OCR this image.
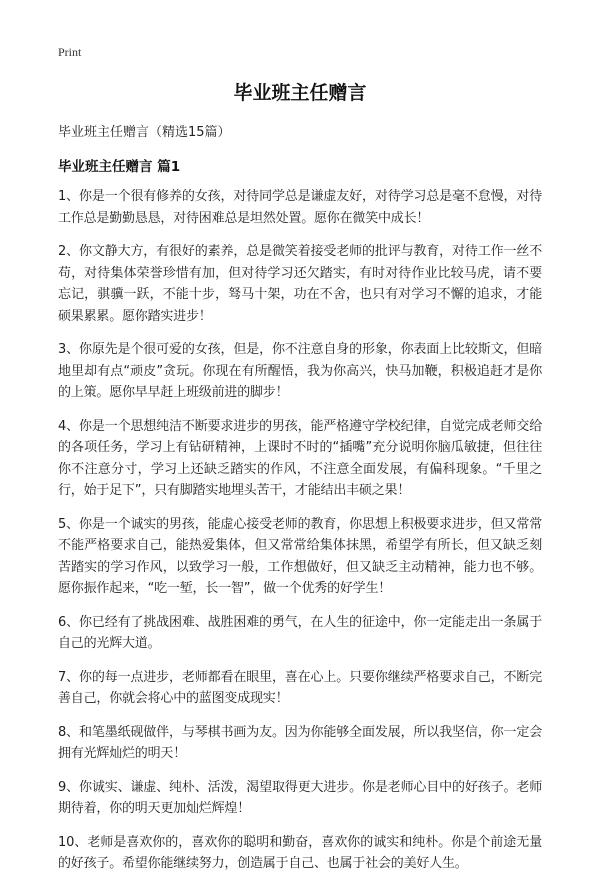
Print

毕业班主任赠言

毕业班主任赠言（精选15篇）

毕业班主任赠言 篇1

1、你是一个很有修养的女孩，对待同学总是谦虚友好，对待学习总是毫不怠慢，对待工作总是勤勤恳恳，对待困难总是坦然处置。愿你在微笑中成长！

2、你文静大方，有很好的素养，总是微笑着接受老师的批评与教育，对待工作一丝不苟，对待集体荣誉珍惜有加，但对待学习还欠踏实，有时对待作业比较马虎，请不要忘记，骐骥一跃，不能十步，驽马十架，功在不舍，也只有对学习不懈的追求，才能硕果累累。愿你踏实进步！

3、你原先是个很可爱的女孩，但是，你不注意自身的形象，你表面上比较斯文，但暗地里却有点“顽皮”贪玩。你现在有所醒悟，我为你高兴，快马加鞭，积极追赶才是你的上策。愿你早早赶上班级前进的脚步！

4、你是一个思想纯洁不断要求进步的男孩，能严格遵守学校纪律，自觉完成老师交给的各项任务，学习上有钻研精神，上课时不时的“插嘴”充分说明你脑瓜敏捷，但往往你不注意分寸，学习上还缺乏踏实的作风，不注意全面发展，有偏科现象。“千里之行，始于足下”，只有脚踏实地埋头苦干，才能结出丰硕之果！

5、你是一个诚实的男孩，能虚心接受老师的教育，你思想上积极要求进步，但又常常不能严格要求自己，能热爱集体，但又常常给集体抹黑，希望学有所长，但又缺乏刻苦踏实的学习作风，以致学习一般，工作想做好，但又缺乏主动精神，能力也不够。愿你振作起来，“吃一堑，长一智”，做一个优秀的好学生！

6、你已经有了挑战困难、战胜困难的勇气，在人生的征途中，你一定能走出一条属于自己的光辉大道。

7、你的每一点进步，老师都看在眼里，喜在心上。只要你继续严格要求自己，不断完善自己，你就会将心中的蓝图变成现实！

8、和笔墨纸砚做伴，与琴棋书画为友。因为你能够全面发展，所以我坚信，你一定会拥有光辉灿烂的明天！

9、你诚实、谦虚、纯朴、活泼，渴望取得更大进步。你是老师心目中的好孩子。老师期待着，你的明天更加灿烂辉煌！

10、老师是喜欢你的，喜欢你的聪明和勤奋，喜欢你的诚实和纯朴。你是个前途无量的好孩子。希望你能继续努力，创造属于自己、也属于社会的美好人生。
